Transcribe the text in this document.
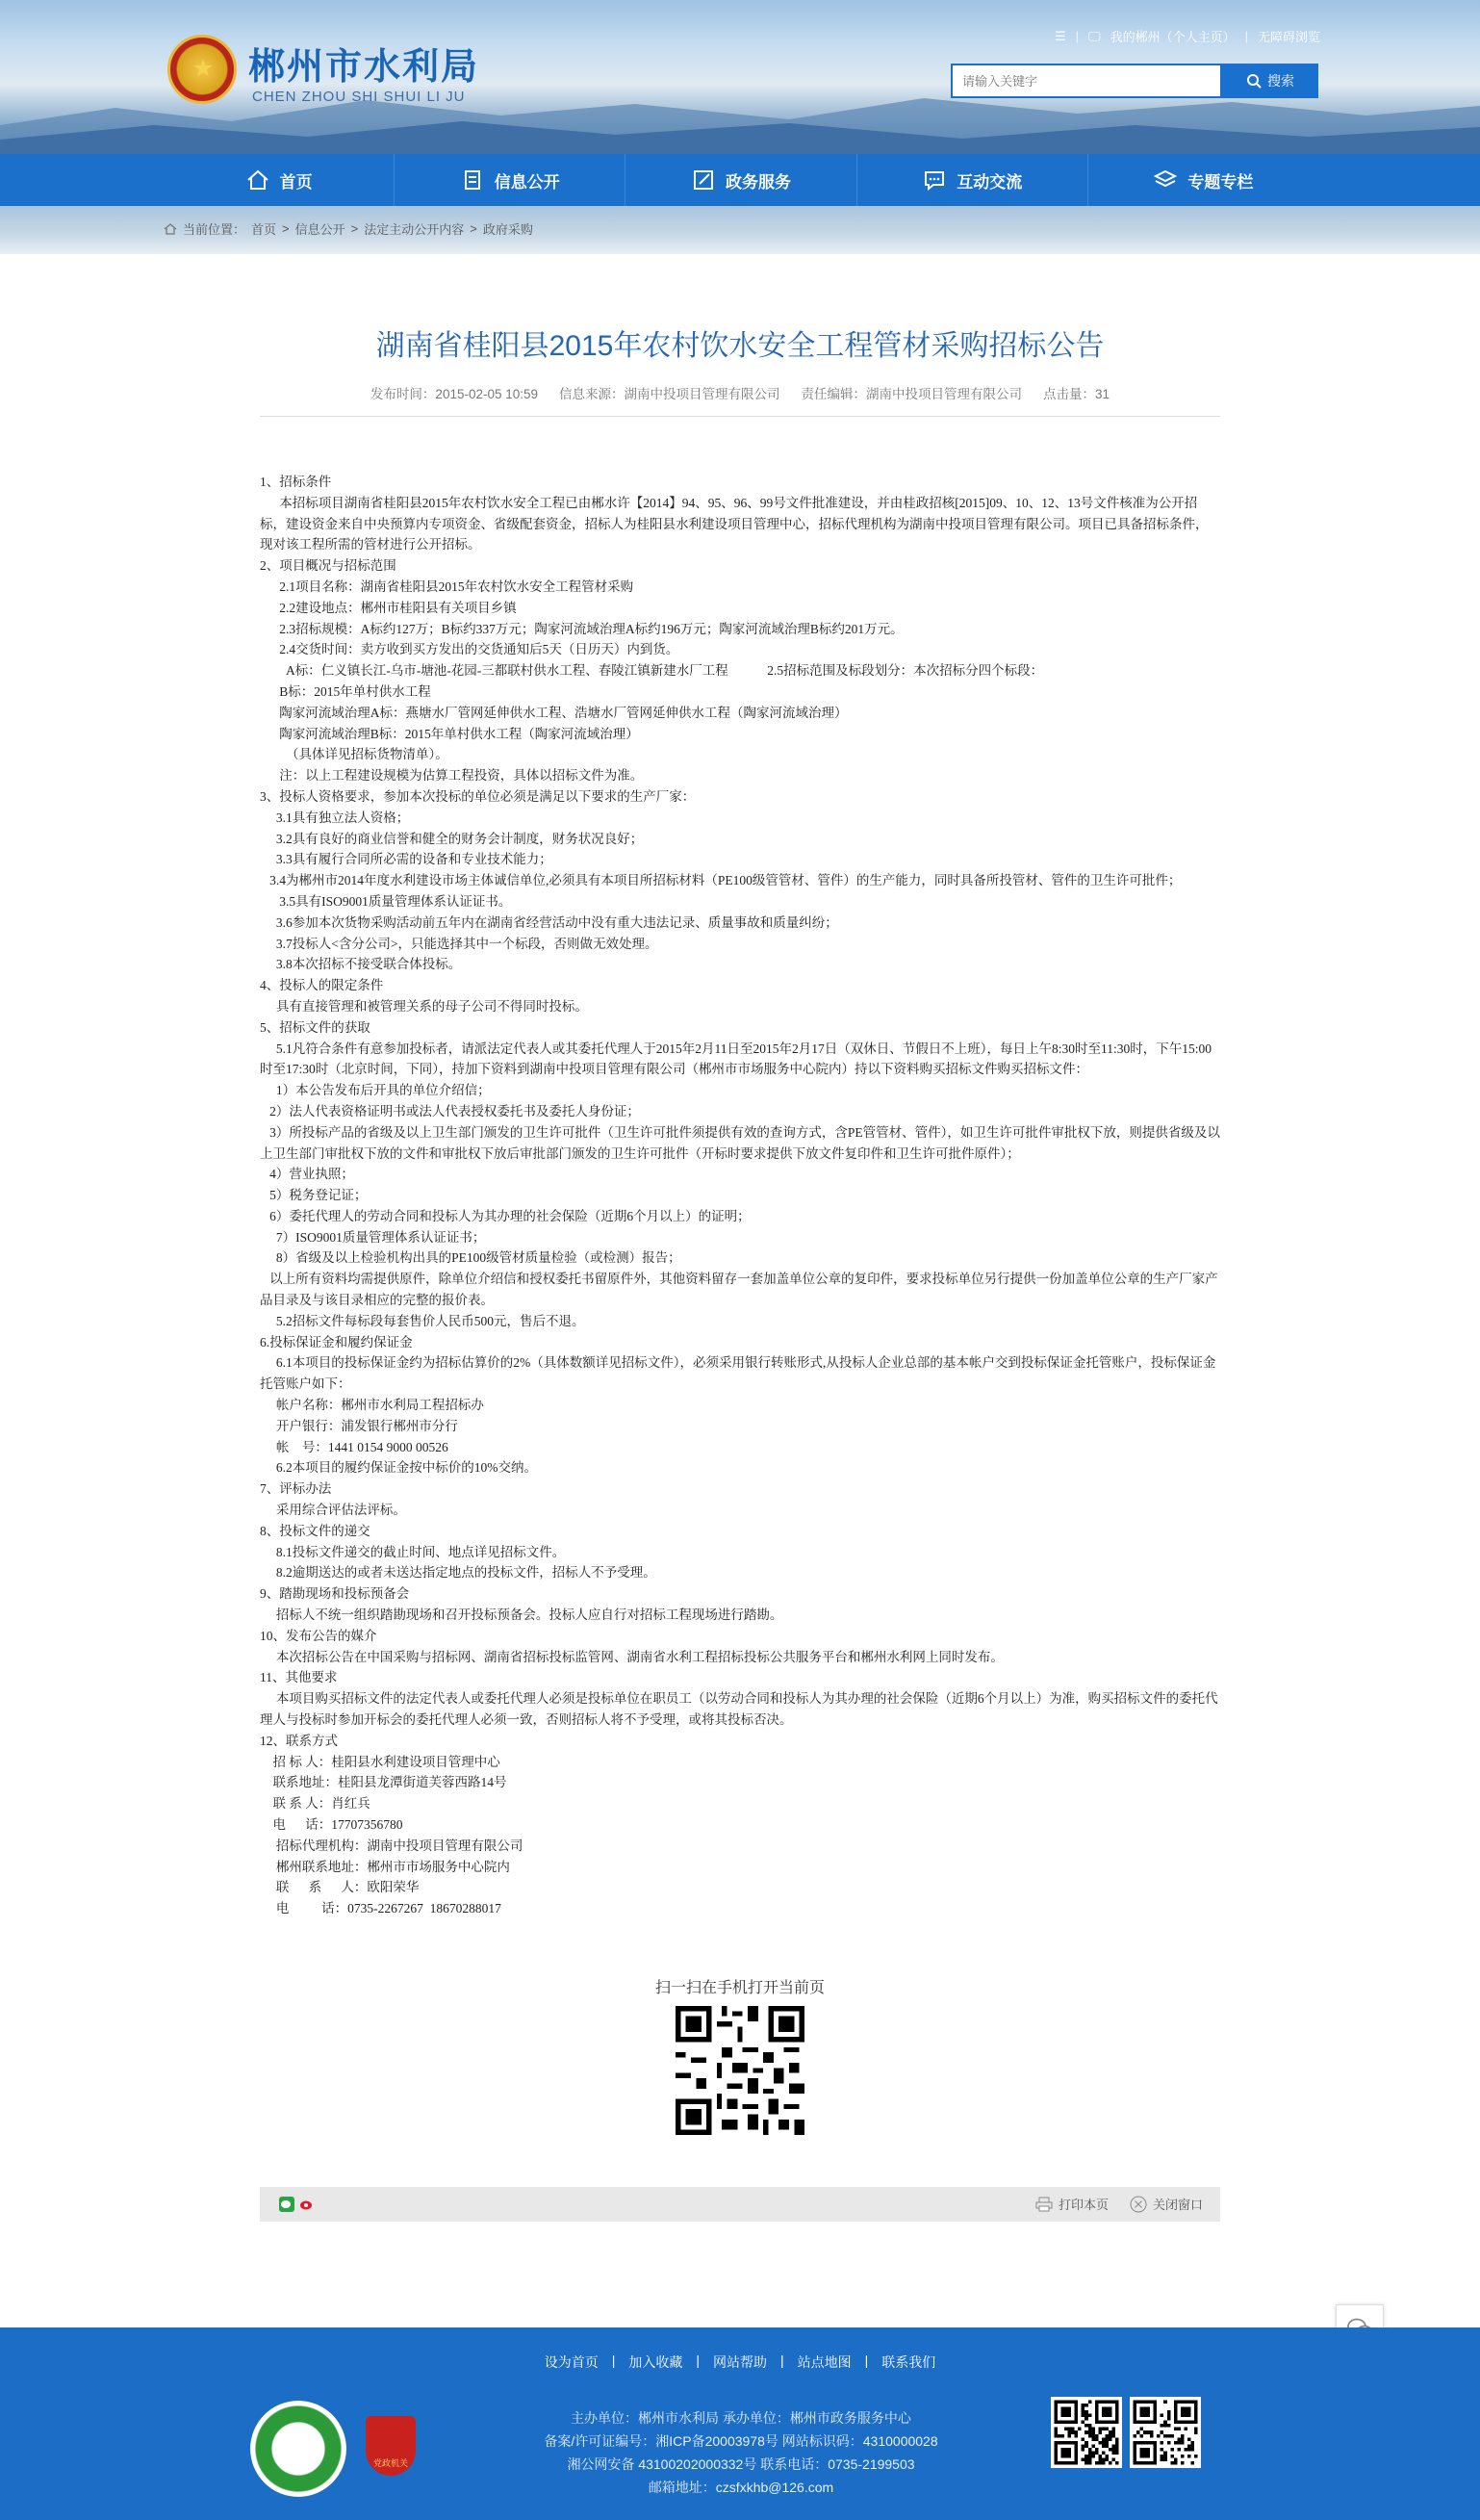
郴州市水利局
CHEN ZHOU SHI SHUI LI JU
☰ | 🖵 我的郴州（个人主页） | 无障碍浏览
请输入关键字
搜索
首页	信息公开	政务服务	互动交流	专题专栏
当前位置： 首页 > 信息公开 > 法定主动公开内容 > 政府采购
湖南省桂阳县2015年农村饮水安全工程管材采购招标公告
发布时间：2015-02-05 10:59 信息来源：湖南中投项目管理有限公司 责任编辑：湖南中投项目管理有限公司 点击量：31

1、招标条件

本招标项目湖南省桂阳县2015年农村饮水安全工程已由郴水许【2014】94、95、96、99号文件批准建设，并由桂政招核[2015]09、10、12、13号文件核准为公开招标，建设资金来自中央预算内专项资金、省级配套资金，招标人为桂阳县水利建设项目管理中心，招标代理机构为湖南中投项目管理有限公司。项目已具备招标条件，现对该工程所需的管材进行公开招标。

2、项目概况与招标范围

2.1项目名称：湖南省桂阳县2015年农村饮水安全工程管材采购

2.2建设地点：郴州市桂阳县有关项目乡镇

2.3招标规模：A标约127万；B标约337万元；陶家河流域治理A标约196万元；陶家河流域治理B标约201万元。

2.4交货时间：卖方收到买方发出的交货通知后5天（日历天）内到货。

A标：仁义镇长江-乌市-塘池-花园-三都联村供水工程、春陵江镇新建水厂工程            2.5招标范围及标段划分：本次招标分四个标段：

B标：2015年单村供水工程

陶家河流域治理A标：燕塘水厂管网延伸供水工程、浩塘水厂管网延伸供水工程（陶家河流域治理）

陶家河流域治理B标：2015年单村供水工程（陶家河流域治理）

（具体详见招标货物清单）。

注：以上工程建设规模为估算工程投资，具体以招标文件为准。

3、投标人资格要求，参加本次投标的单位必须是满足以下要求的生产厂家：

3.1具有独立法人资格；

3.2具有良好的商业信誉和健全的财务会计制度，财务状况良好；

3.3具有履行合同所必需的设备和专业技术能力；

3.4为郴州市2014年度水利建设市场主体诚信单位,必须具有本项目所招标材料（PE100级管管材、管件）的生产能力，同时具备所投管材、管件的卫生许可批件；

3.5具有ISO9001质量管理体系认证证书。

3.6参加本次货物采购活动前五年内在湖南省经营活动中没有重大违法记录、质量事故和质量纠纷；

3.7投标人<含分公司>，只能选择其中一个标段，否则做无效处理。

3.8本次招标不接受联合体投标。

4、投标人的限定条件

具有直接管理和被管理关系的母子公司不得同时投标。

5、招标文件的获取

5.1凡符合条件有意参加投标者，请派法定代表人或其委托代理人于2015年2月11日至2015年2月17日（双休日、节假日不上班），每日上午8:30时至11:30时，下午15:00时至17:30时（北京时间，下同），持加下资料到湖南中投项目管理有限公司（郴州市市场服务中心院内）持以下资料购买招标文件购买招标文件：

1）本公告发布后开具的单位介绍信；

2）法人代表资格证明书或法人代表授权委托书及委托人身份证；

3）所投标产品的省级及以上卫生部门颁发的卫生许可批件（卫生许可批件须提供有效的查询方式，含PE管管材、管件），如卫生许可批件审批权下放，则提供省级及以上卫生部门审批权下放的文件和审批权下放后审批部门颁发的卫生许可批件（开标时要求提供下放文件复印件和卫生许可批件原件）；

4）营业执照；

5）税务登记证；

6）委托代理人的劳动合同和投标人为其办理的社会保险（近期6个月以上）的证明；

7）ISO9001质量管理体系认证证书；

8）省级及以上检验机构出具的PE100级管材质量检验（或检测）报告；

以上所有资料均需提供原件，除单位介绍信和授权委托书留原件外，其他资料留存一套加盖单位公章的复印件，要求投标单位另行提供一份加盖单位公章的生产厂家产品目录及与该目录相应的完整的报价表。

5.2招标文件每标段每套售价人民币500元，售后不退。

6.投标保证金和履约保证金

6.1本项目的投标保证金约为招标估算价的2%（具体数额详见招标文件），必须采用银行转账形式,从投标人企业总部的基本帐户交到投标保证金托管账户，投标保证金托管账户如下：

帐户名称：郴州市水利局工程招标办

开户银行：浦发银行郴州市分行

帐    号：1441 0154 9000 00526

6.2本项目的履约保证金按中标价的10%交纳。

7、评标办法

采用综合评估法评标。

8、投标文件的递交

8.1投标文件递交的截止时间、地点详见招标文件。

8.2逾期送达的或者未送达指定地点的投标文件，招标人不予受理。

9、踏勘现场和投标预备会

招标人不统一组织踏勘现场和召开投标预备会。投标人应自行对招标工程现场进行踏勘。

10、发布公告的媒介

本次招标公告在中国采购与招标网、湖南省招标投标监管网、湖南省水利工程招标投标公共服务平台和郴州水利网上同时发布。

11、其他要求

本项目购买招标文件的法定代表人或委托代理人必须是投标单位在职员工（以劳动合同和投标人为其办理的社会保险（近期6个月以上）为准，购买招标文件的委托代理人与投标时参加开标会的委托代理人必须一致，否则招标人将不予受理，或将其投标否决。

12、联系方式

招 标 人：桂阳县水利建设项目管理中心

联系地址：桂阳县龙潭街道芙蓉西路14号

联 系 人：肖红兵

电      话：17707356780

招标代理机构：湖南中投项目管理有限公司

郴州联系地址：郴州市市场服务中心院内

联      系      人：欧阳荣华

电          话：0735-2267267  18670288017

扫一扫在手机打开当前页
打印本页	关闭窗口
设为首页 | 加入收藏 | 网站帮助 | 站点地图 | 联系我们
党政机关
主办单位：郴州市水利局 承办单位：郴州市政务服务中心
备案/许可证编号：湘ICP备20003978号 网站标识码：4310000028
湘公网安备 43100202000332号 联系电话：0735-2199503
邮箱地址：czsfxkhb@126.com
